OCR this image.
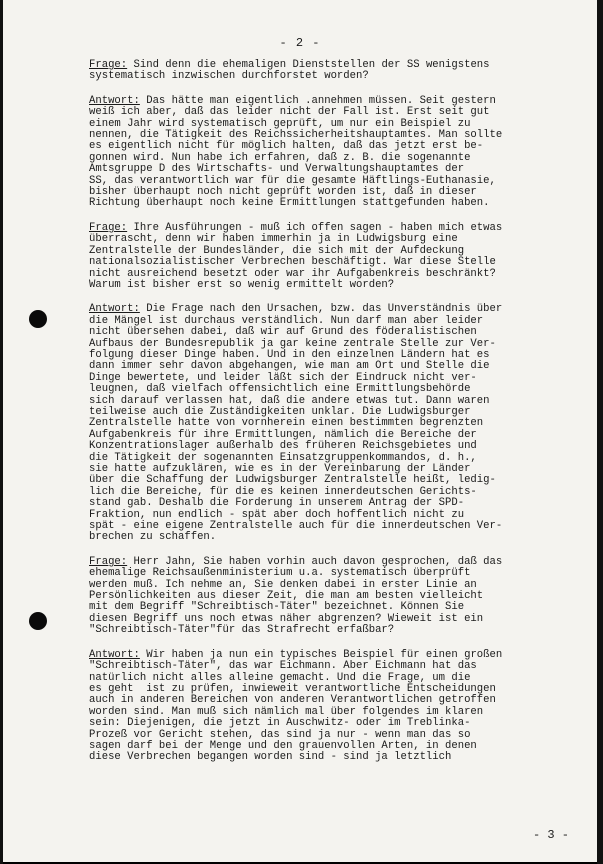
- 2 -

Frage: Sind denn die ehemaligen Dienststellen der SS wenigstens

systematisch inzwischen durchforstet worden?

Antwort: Das hätte man eigentlich .annehmen müssen. Seit gestern

weiß ich aber, daß das leider nicht der Fall ist. Erst seit gut

einem Jahr wird systematisch geprüft, um nur ein Beispiel zu

nennen, die Tätigkeit des Reichssicherheitshauptamtes. Man sollte

es eigentlich nicht für möglich halten, daß das jetzt erst be-

gonnen wird. Nun habe ich erfahren, daß z. B. die sogenannte

Amtsgruppe D des Wirtschafts- und Verwaltungshauptamtes der

SS, das verantwortlich war für die gesamte Häftlings-Euthanasie,

bisher überhaupt noch nicht geprüft worden ist, daß in dieser

Richtung überhaupt noch keine Ermittlungen stattgefunden haben.

Frage: Ihre Ausführungen - muß ich offen sagen - haben mich etwas

überrascht, denn wir haben immerhin ja in Ludwigsburg eine

Zentralstelle der Bundesländer, die sich mit der Aufdeckung

nationalsozialistischer Verbrechen beschäftigt. War diese Stelle

nicht ausreichend besetzt oder war ihr Aufgabenkreis beschränkt?

Warum ist bisher erst so wenig ermittelt worden?

Antwort: Die Frage nach den Ursachen, bzw. das Unverständnis über

die Mängel ist durchaus verständlich. Nun darf man aber leider

nicht übersehen dabei, daß wir auf Grund des föderalistischen

Aufbaus der Bundesrepublik ja gar keine zentrale Stelle zur Ver-

folgung dieser Dinge haben. Und in den einzelnen Ländern hat es

dann immer sehr davon abgehangen, wie man am Ort und Stelle die

Dinge bewertete, und leider läßt sich der Eindruck nicht ver-

leugnen, daß vielfach offensichtlich eine Ermittlungsbehörde

sich darauf verlassen hat, daß die andere etwas tut. Dann waren

teilweise auch die Zuständigkeiten unklar. Die Ludwigsburger

Zentralstelle hatte von vornherein einen bestimmten begrenzten

Aufgabenkreis für ihre Ermittlungen, nämlich die Bereiche der

Konzentrationslager außerhalb des früheren Reichsgebietes und

die Tätigkeit der sogenannten Einsatzgruppenkommandos, d. h.,

sie hatte aufzuklären, wie es in der Vereinbarung der Länder

über die Schaffung der Ludwigsburger Zentralstelle heißt, ledig-

lich die Bereiche, für die es keinen innerdeutschen Gerichts-

stand gab. Deshalb die Forderung in unserem Antrag der SPD-

Fraktion, nun endlich - spät aber doch hoffentlich nicht zu

spät - eine eigene Zentralstelle auch für die innerdeutschen Ver-

brechen zu schaffen.

Frage: Herr Jahn, Sie haben vorhin auch davon gesprochen, daß das

ehemalige Reichsaußenministerium u.a. systematisch überprüft

werden muß. Ich nehme an, Sie denken dabei in erster Linie an

Persönlichkeiten aus dieser Zeit, die man am besten vielleicht

mit dem Begriff "Schreibtisch-Täter" bezeichnet. Können Sie

diesen Begriff uns noch etwas näher abgrenzen? Wieweit ist ein

"Schreibtisch-Täter"für das Strafrecht erfaßbar?

Antwort: Wir haben ja nun ein typisches Beispiel für einen großen

"Schreibtisch-Täter", das war Eichmann. Aber Eichmann hat das

natürlich nicht alles alleine gemacht. Und die Frage, um die

es geht  ist zu prüfen, inwieweit verantwortliche Entscheidungen

auch in anderen Bereichen von anderen Verantwortlichen getroffen

worden sind. Man muß sich nämlich mal über folgendes im klaren

sein: Diejenigen, die jetzt in Auschwitz- oder im Treblinka-

Prozeß vor Gericht stehen, das sind ja nur - wenn man das so

sagen darf bei der Menge und den grauenvollen Arten, in denen

diese Verbrechen begangen worden sind - sind ja letztlich

- 3 -
